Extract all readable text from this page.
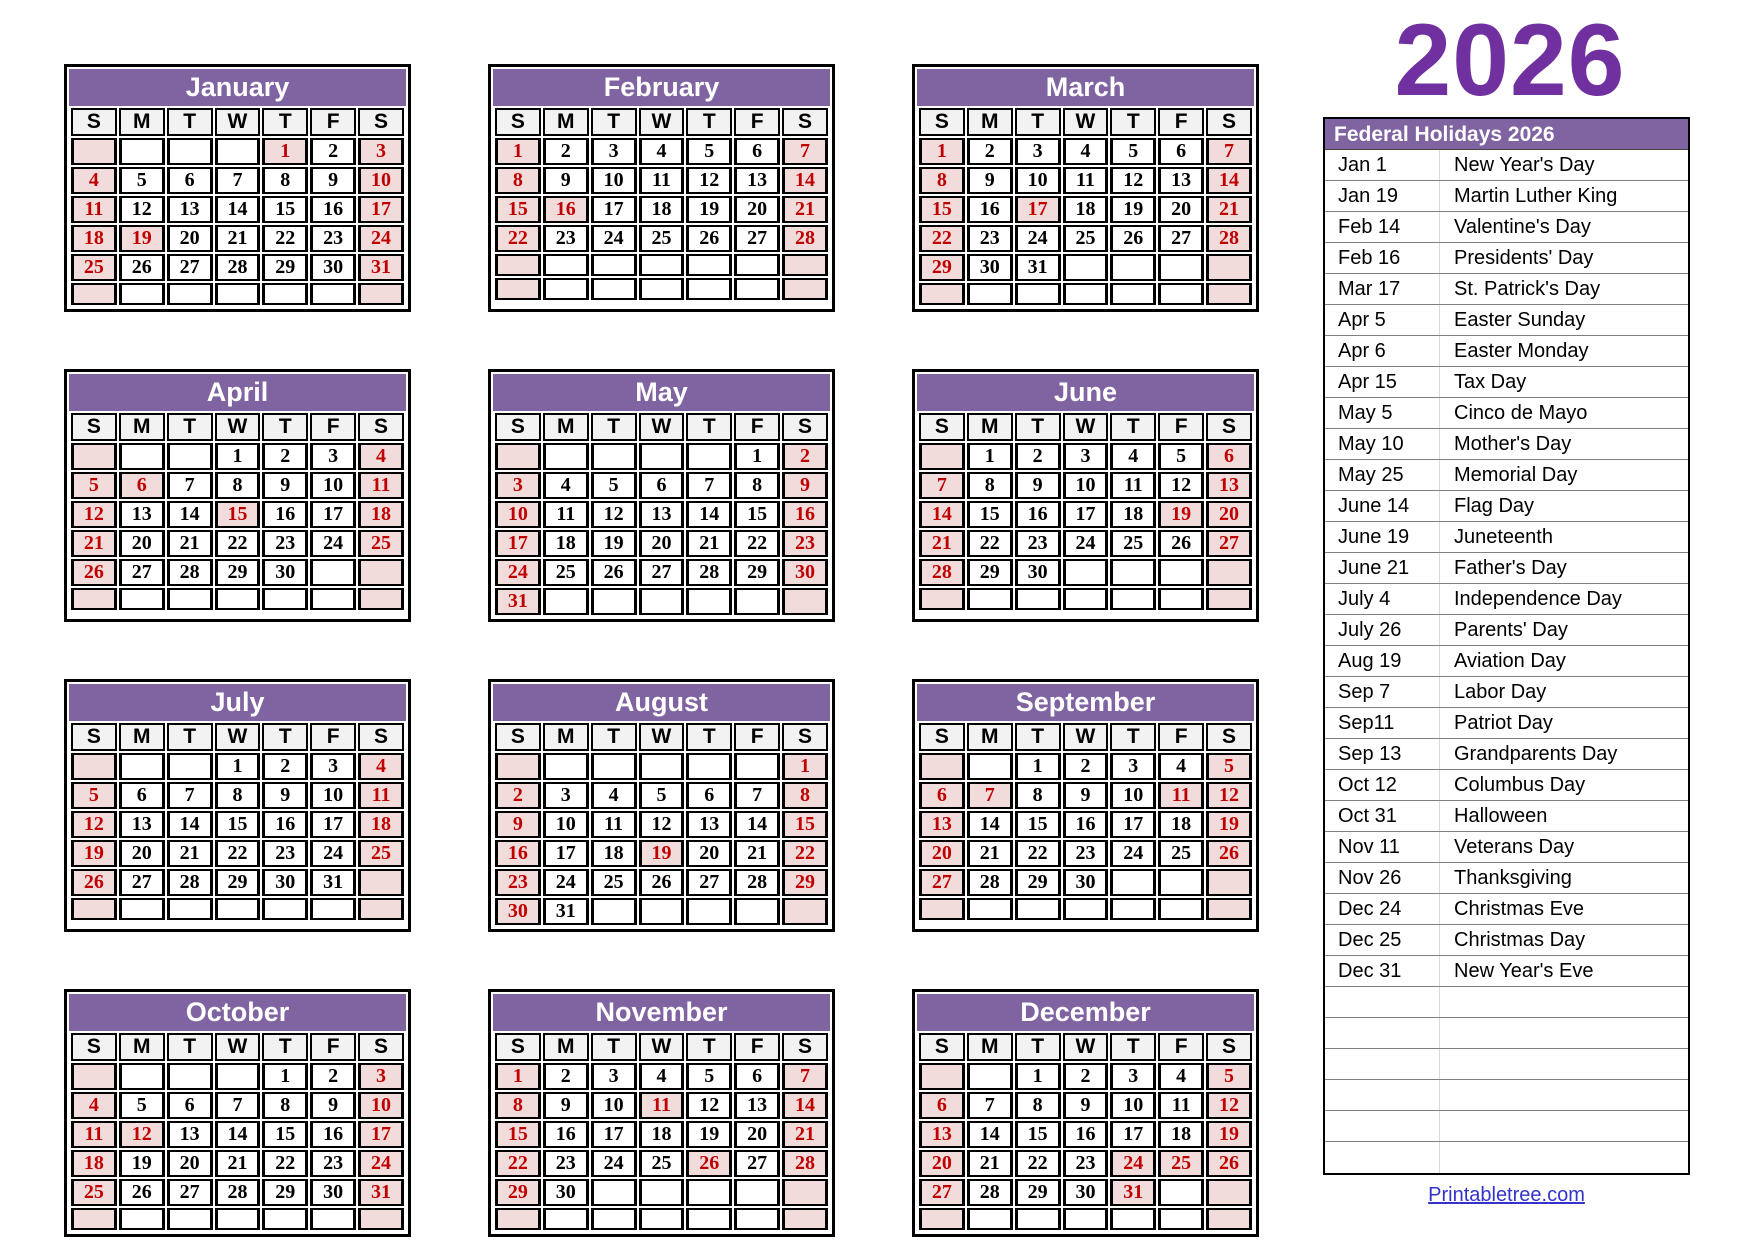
2026
January
S	M	T	W	T	F	S
				1	2	3
4	5	6	7	8	9	10
11	12	13	14	15	16	17
18	19	20	21	22	23	24
25	26	27	28	29	30	31

February
S	M	T	W	T	F	S
1	2	3	4	5	6	7
8	9	10	11	12	13	14
15	16	17	18	19	20	21
22	23	24	25	26	27	28

March
S	M	T	W	T	F	S
1	2	3	4	5	6	7
8	9	10	11	12	13	14
15	16	17	18	19	20	21
22	23	24	25	26	27	28
29	30	31				

April
S	M	T	W	T	F	S
			1	2	3	4
5	6	7	8	9	10	11
12	13	14	15	16	17	18
21	20	21	22	23	24	25
26	27	28	29	30		

May
S	M	T	W	T	F	S
					1	2
3	4	5	6	7	8	9
10	11	12	13	14	15	16
17	18	19	20	21	22	23
24	25	26	27	28	29	30
31						
June
S	M	T	W	T	F	S
	1	2	3	4	5	6
7	8	9	10	11	12	13
14	15	16	17	18	19	20
21	22	23	24	25	26	27
28	29	30				

July
S	M	T	W	T	F	S
			1	2	3	4
5	6	7	8	9	10	11
12	13	14	15	16	17	18
19	20	21	22	23	24	25
26	27	28	29	30	31	

August
S	M	T	W	T	F	S
						1
2	3	4	5	6	7	8
9	10	11	12	13	14	15
16	17	18	19	20	21	22
23	24	25	26	27	28	29
30	31					
September
S	M	T	W	T	F	S
		1	2	3	4	5
6	7	8	9	10	11	12
13	14	15	16	17	18	19
20	21	22	23	24	25	26
27	28	29	30			

October
S	M	T	W	T	F	S
				1	2	3
4	5	6	7	8	9	10
11	12	13	14	15	16	17
18	19	20	21	22	23	24
25	26	27	28	29	30	31

November
S	M	T	W	T	F	S
1	2	3	4	5	6	7
8	9	10	11	12	13	14
15	16	17	18	19	20	21
22	23	24	25	26	27	28
29	30					

December
S	M	T	W	T	F	S
		1	2	3	4	5
6	7	8	9	10	11	12
13	14	15	16	17	18	19
20	21	22	23	24	25	26
27	28	29	30	31		

Federal Holidays 2026
Jan 1	New Year's Day
Jan 19	Martin Luther King
Feb 14	Valentine's Day
Feb 16	Presidents' Day
Mar 17	St. Patrick's Day
Apr 5	Easter Sunday
Apr 6	Easter Monday
Apr 15	Tax Day
May 5	Cinco de Mayo
May 10	Mother's Day
May 25	Memorial Day
June 14	Flag Day
June 19	Juneteenth
June 21	Father's Day
July 4	Independence Day
July 26	Parents' Day
Aug 19	Aviation Day
Sep 7	Labor Day
Sep11	Patriot Day
Sep 13	Grandparents Day
Oct 12	Columbus Day
Oct 31	Halloween
Nov 11	Veterans Day
Nov 26	Thanksgiving
Dec 24	Christmas Eve
Dec 25	Christmas Day
Dec 31	New Year's Eve
Printabletree.com
